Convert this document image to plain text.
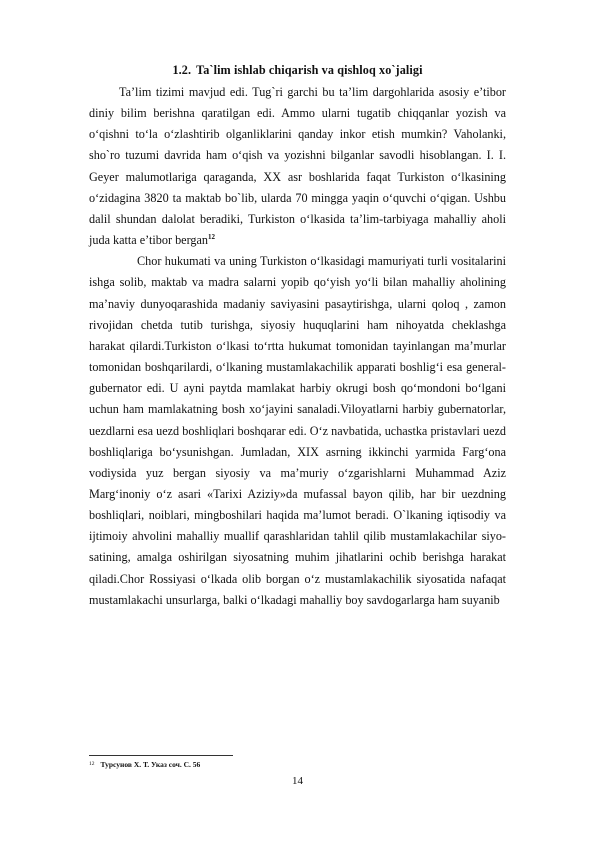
1.2. Ta`lim ishlab chiqarish va qishloq xo`jaligi

Ta’lim tizimi mavjud edi. Tug`ri garchi bu ta’lim dargohlarida asosiy e’tibor diniy bilim berishna qaratilgan edi. Ammo ularni tugatib chiqqanlar yozish va o‘qishni to‘la o‘zlashtirib olganliklarini qanday inkor etish mumkin? Vaholanki, sho`ro tuzumi davrida ham o‘qish va yozishni bilganlar savodli hisoblangan. I. I. Geyer malumotlariga qaraganda, XX asr boshlarida faqat Turkiston o‘lkasining o‘zidagina 3820 ta maktab bo`lib, ularda 70 mingga yaqin o‘quvchi o‘qigan. Ushbu dalil shundan dalolat beradiki, Turkiston o‘lkasida ta’lim-tarbiyaga mahalliy aholi juda katta e’tibor bergan$^{12}$

Chor hukumati va uning Turkiston o‘lkasidagi mamuriyati turli vositalarini ishga solib, maktab va madra salarni yopib qo‘yish yo‘li bilan mahalliy aholining ma’naviy dunyoqarashida madaniy saviyasini pasaytirishga, ularni qoloq , zamon rivojidan chetda tutib turishga, siyosiy huquqlarini ham nihoyatda cheklashga harakat qilardi.Turkiston o‘lkasi to‘rtta hukumat tomonidan tayinlangan ma’murlar tomonidan boshqarilardi, o‘lkaning mustamlakachilik apparati boshlig‘i esa general-gubernator edi. U ayni paytda mamlakat harbiy okrugi bosh qo‘mondoni bo‘lgani uchun ham mamlakatning bosh xo‘jayini sanaladi.Viloyatlarni harbiy gubernatorlar, uezdlarni esa uezd boshliqlari boshqarar edi. O‘z navbatida, uchastka pristavlari uezd boshliqlariga bo‘ysunishgan. Jumladan, XIX asrning ikkinchi yarmida Farg‘ona vodiysida yuz bergan siyosiy va ma’muriy o‘zgarishlarni Muhammad Aziz Marg‘inoniy o‘z asari «Tarixi Aziziy»da mufassal bayon qilib, har bir uezdning boshliqlari, noiblari, mingboshilari haqida ma’lumot beradi. O`lkaning iqtisodiy va ijtimoiy ahvolini mahalliy muallif qarashlaridan tahlil qilib mustamlakachilar siyo-satining, amalga oshirilgan siyosatning muhim jihatlarini ochib berishga harakat qiladi.Chor Rossiyasi o‘lkada olib borgan o‘z mustamlakachilik siyosatida nafaqat mustamlakachi unsurlarga, balki o‘lkadagi mahalliy boy savdogarlarga ham suyanib

$^{12}$ Турсунов Х. Т. Указ соч. С. 56
14
